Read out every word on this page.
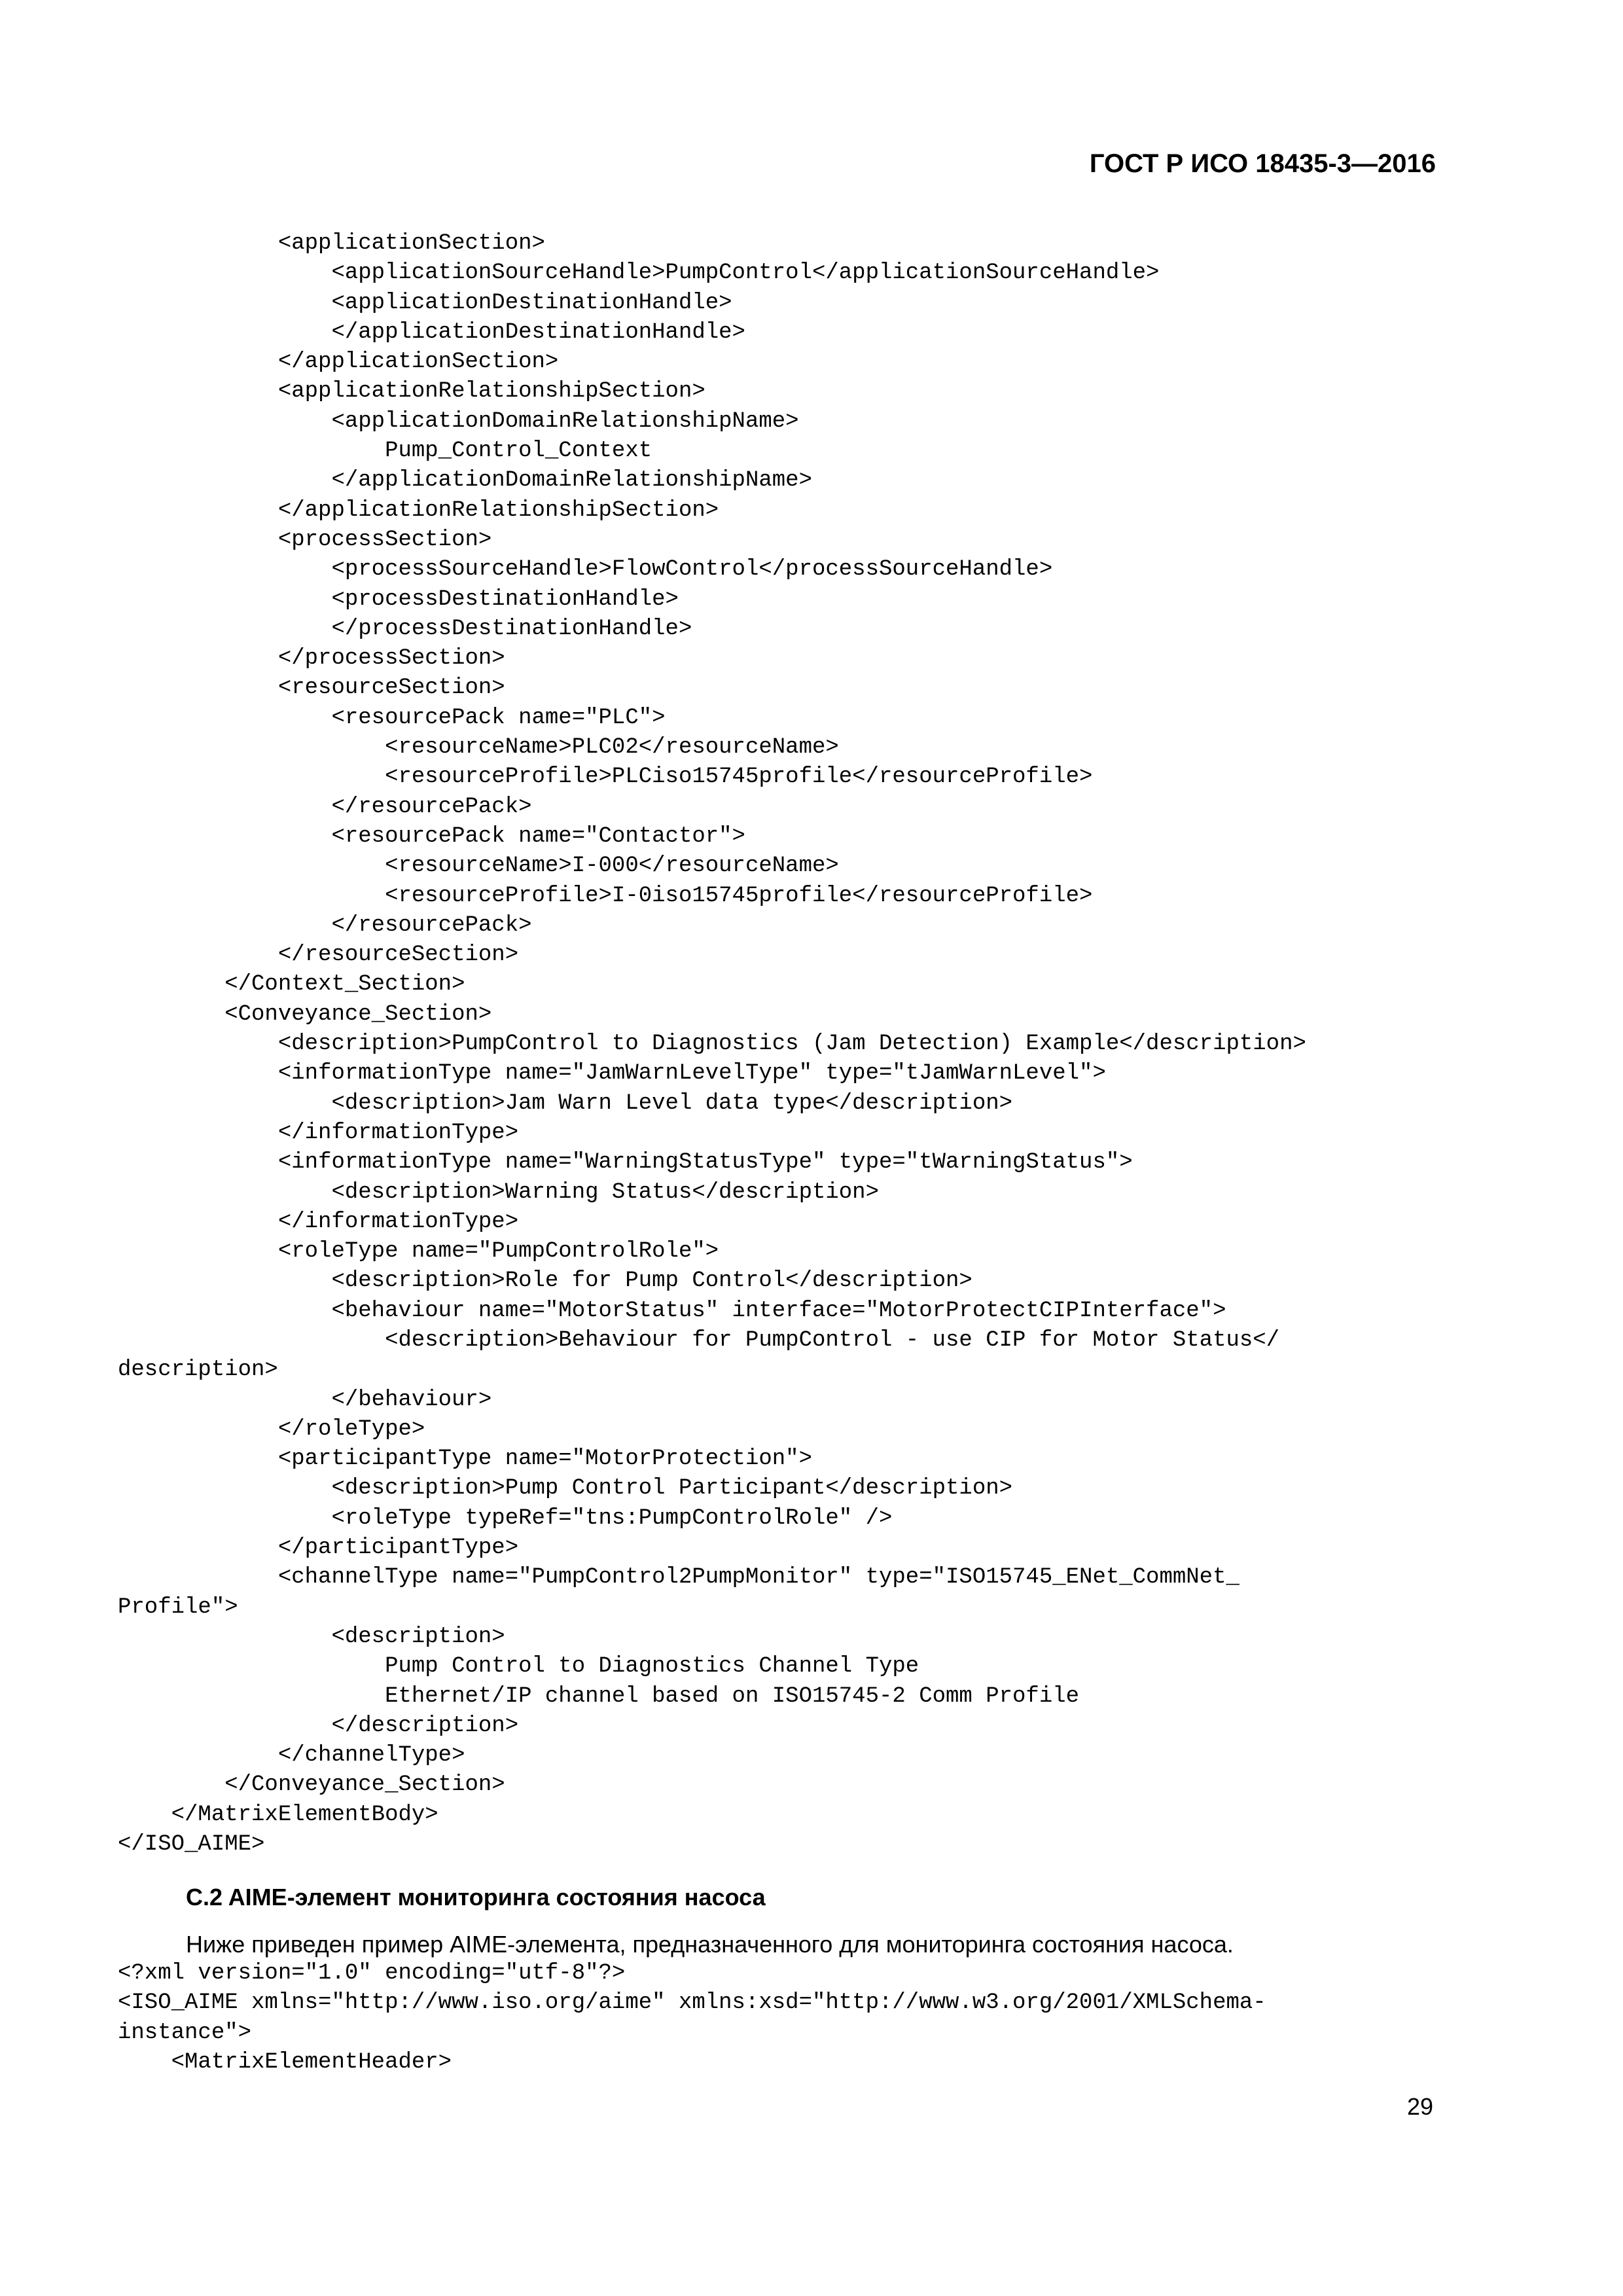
ГОСТ Р ИСО 18435-3—2016
<applicationSection>
<applicationSourceHandle>PumpControl</applicationSourceHandle>
<applicationDestinationHandle>
</applicationDestinationHandle>
</applicationSection>
<applicationRelationshipSection>
<applicationDomainRelationshipName>
Pump_Control_Context
</applicationDomainRelationshipName>
</applicationRelationshipSection>
<processSection>
<processSourceHandle>FlowControl</processSourceHandle>
<processDestinationHandle>
</processDestinationHandle>
</processSection>
<resourceSection>
<resourcePack name="PLC">
<resourceName>PLC02</resourceName>
<resourceProfile>PLCiso15745profile</resourceProfile>
</resourcePack>
<resourcePack name="Contactor">
<resourceName>I-000</resourceName>
<resourceProfile>I-0iso15745profile</resourceProfile>
</resourcePack>
</resourceSection>
</Context_Section>
<Conveyance_Section>
<description>PumpControl to Diagnostics (Jam Detection) Example</description>
<informationType name="JamWarnLevelType" type="tJamWarnLevel">
<description>Jam Warn Level data type</description>
</informationType>
<informationType name="WarningStatusType" type="tWarningStatus">
<description>Warning Status</description>
</informationType>
<roleType name="PumpControlRole">
<description>Role for Pump Control</description>
<behaviour name="MotorStatus" interface="MotorProtectCIPInterface">
<description>Behaviour for PumpControl - use CIP for Motor Status</
description>
</behaviour>
</roleType>
<participantType name="MotorProtection">
<description>Pump Control Participant</description>
<roleType typeRef="tns:PumpControlRole" />
</participantType>
<channelType name="PumpControl2PumpMonitor" type="ISO15745_ENet_CommNet_
Profile">
<description>
Pump Control to Diagnostics Channel Type
Ethernet/IP channel based on ISO15745-2 Comm Profile
</description>
</channelType>
</Conveyance_Section>
</MatrixElementBody>
</ISO_AIME>
C.2 AIME-элемент мониторинга состояния насоса
Ниже приведен пример AIME-элемента, предназначенного для мониторинга состояния насоса.
<?xml version="1.0" encoding="utf-8"?>
<ISO_AIME xmlns="http://www.iso.org/aime" xmlns:xsd="http://www.w3.org/2001/XMLSchema-
instance">
<MatrixElementHeader>
29
